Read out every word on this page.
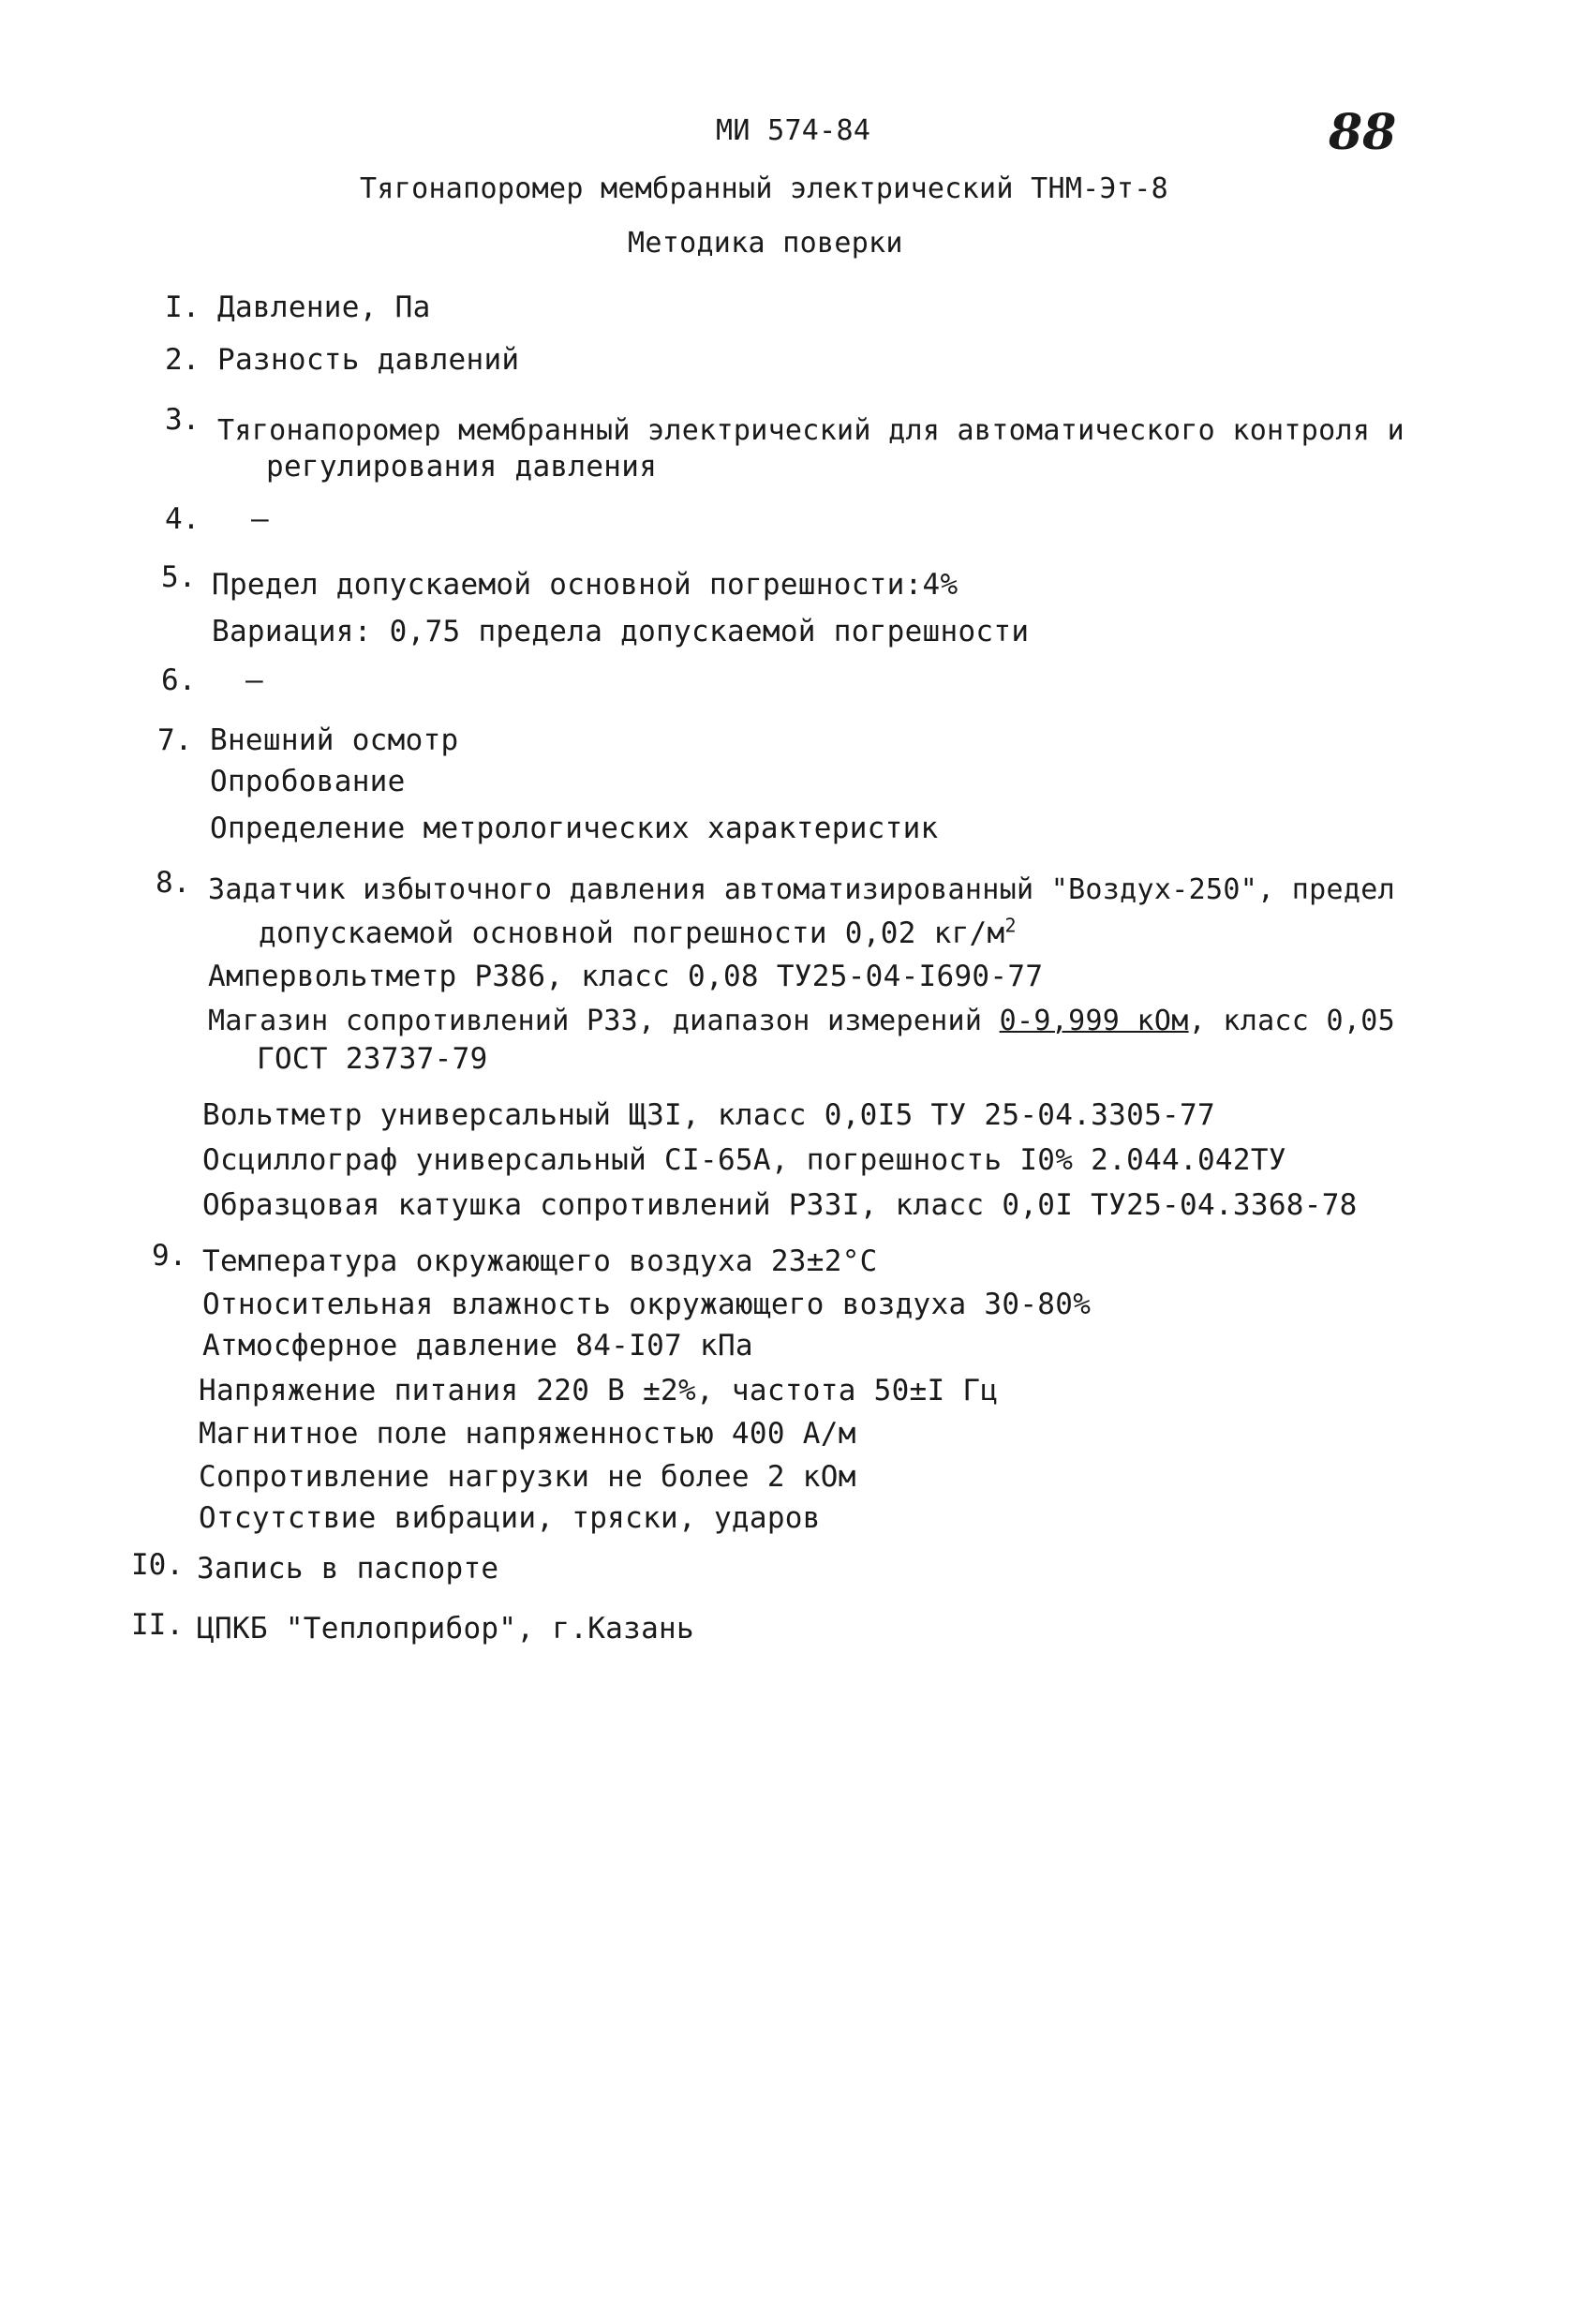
МИ 574-84	88
Тягонапоромер мембранный электрический ТНМ-Эт-8
Методика поверки
I. Давление, Па
2. Разность давлений
3. Тягонапоромер мембранный электрический для автоматического контроля и
регулирования давления
4. –
5. Предел допускаемой основной погрешности:4%
Вариация: 0,75 предела допускаемой погрешности
6. –
7. Внешний осмотр
Опробование
Определение метрологических характеристик
8. Задатчик избыточного давления автоматизированный "Воздух-250", предел
допускаемой основной погрешности 0,02 $кг/м^2$
Ампервольтметр Р386, класс 0,08 ТУ25-04-I690-77
Магазин сопротивлений Р33, диапазон измерений 0-9,999 кОм, класс 0,05
ГОСТ 23737-79
Вольтметр универсальный Щ3I, класс 0,0I5 ТУ 25-04.3305-77
Осциллограф универсальный СI-65А, погрешность I0% 2.044.042ТУ
Образцовая катушка сопротивлений Р33I, класс 0,0I ТУ25-04.3368-78
9. Температура окружающего воздуха 23±2°С
Относительная влажность окружающего воздуха 30-80%
Атмосферное давление 84-I07 кПа
Напряжение питания 220 В ±2%, частота 50±I Гц
Магнитное поле напряженностью 400 А/м
Сопротивление нагрузки не более 2 кОм
Отсутствие вибрации, тряски, ударов
I0. Запись в паспорте
II. ЦПКБ "Теплоприбор", г.Казань
